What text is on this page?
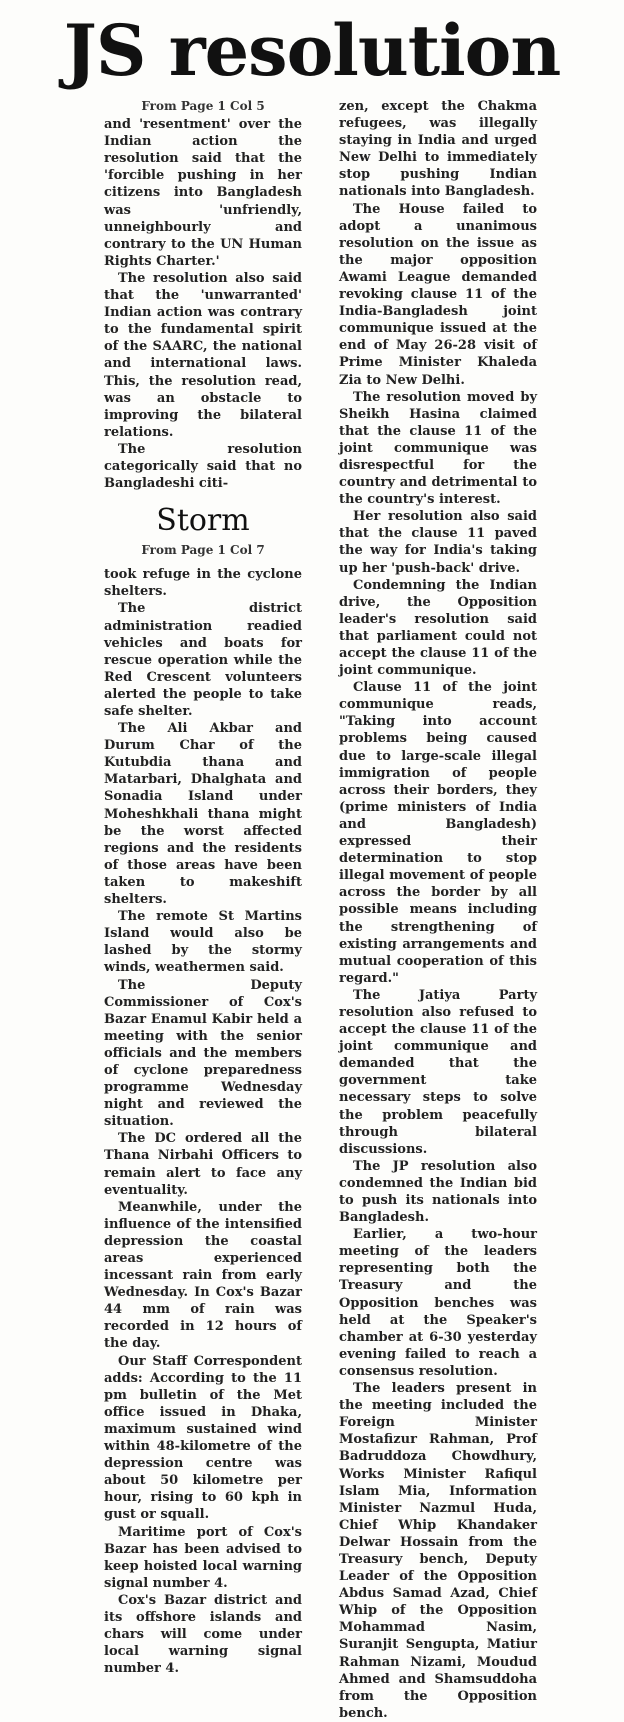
JS resolution
From Page 1 Col 5

and 'resentment' over the Indian action the resolution said that the 'forcible pushing in her citizens into Bangladesh was 'unfriendly, unneighbourly and contrary to the UN Human Rights Charter.'

The resolution also said that the 'unwarranted' Indian action was contrary to the fundamental spirit of the SAARC, the national and international laws. This, the resolution read, was an obstacle to improving the bilateral relations.

The resolution categorically said that no Bangladeshi citi-

Storm
From Page 1 Col 7

took refuge in the cyclone shelters.

The district administration readied vehicles and boats for rescue operation while the Red Crescent volunteers alerted the people to take safe shelter.

The Ali Akbar and Durum Char of the Kutubdia thana and Matarbari, Dhalghata and Sonadia Island under Moheshkhali thana might be the worst affected regions and the residents of those areas have been taken to makeshift shelters.

The remote St Martins Island would also be lashed by the stormy winds, weathermen said.

The Deputy Commissioner of Cox's Bazar Enamul Kabir held a meeting with the senior officials and the members of cyclone preparedness programme Wednesday night and reviewed the situation.

The DC ordered all the Thana Nirbahi Officers to remain alert to face any eventuality.

Meanwhile, under the influence of the intensified depression the coastal areas experienced incessant rain from early Wednesday. In Cox's Bazar 44 mm of rain was recorded in 12 hours of the day.

Our Staff Correspondent adds: According to the 11 pm bulletin of the Met office issued in Dhaka, maximum sustained wind within 48-kilometre of the depression centre was about 50 kilometre per hour, rising to 60 kph in gust or squall.

Maritime port of Cox's Bazar has been advised to keep hoisted local warning signal number 4.

Cox's Bazar district and its offshore islands and chars will come under local warning signal number 4.

zen, except the Chakma refugees, was illegally staying in India and urged New Delhi to immediately stop pushing Indian nationals into Bangladesh.

The House failed to adopt a unanimous resolution on the issue as the major opposition Awami League demanded revoking clause 11 of the India-Bangladesh joint communique issued at the end of May 26-28 visit of Prime Minister Khaleda Zia to New Delhi.

The resolution moved by Sheikh Hasina claimed that the clause 11 of the joint communique was disrespectful for the country and detrimental to the country's interest.

Her resolution also said that the clause 11 paved the way for India's taking up her 'push-back' drive.

Condemning the Indian drive, the Opposition leader's resolution said that parliament could not accept the clause 11 of the joint communique.

Clause 11 of the joint communique reads, "Taking into account problems being caused due to large-scale illegal immigration of people across their borders, they (prime ministers of India and Bangladesh) expressed their determination to stop illegal movement of people across the border by all possible means including the strengthening of existing arrangements and mutual cooperation of this regard."

The Jatiya Party resolution also refused to accept the clause 11 of the joint communique and demanded that the government take necessary steps to solve the problem peacefully through bilateral discussions.

The JP resolution also condemned the Indian bid to push its nationals into Bangladesh.

Earlier, a two-hour meeting of the leaders representing both the Treasury and the Opposition benches was held at the Speaker's chamber at 6-30 yesterday evening failed to reach a consensus resolution.

The leaders present in the meeting included the Foreign Minister Mostafizur Rahman, Prof Badruddoza Chowdhury, Works Minister Rafiqul Islam Mia, Information Minister Nazmul Huda, Chief Whip Khandaker Delwar Hossain from the Treasury bench, Deputy Leader of the Opposition Abdus Samad Azad, Chief Whip of the Opposition Mohammad Nasim, Suranjit Sengupta, Matiur Rahman Nizami, Moudud Ahmed and Shamsuddoha from the Opposition bench.
